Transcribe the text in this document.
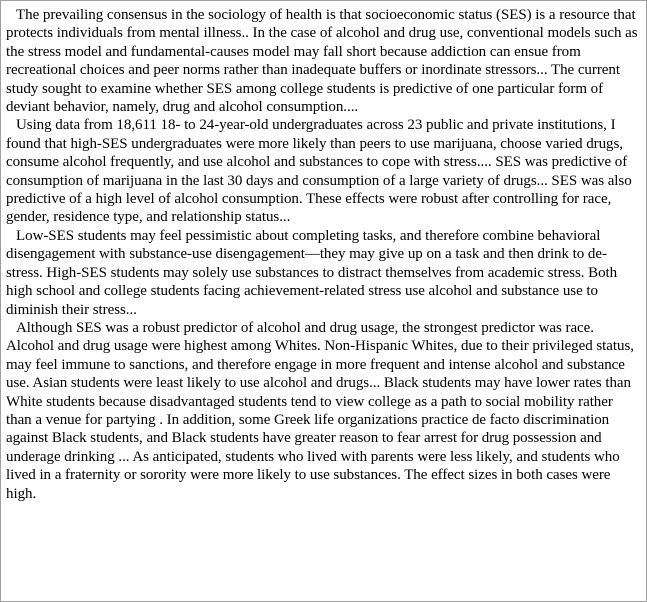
The prevailing consensus in the sociology of health is that socioeconomic status (SES) is a resource that protects individuals from mental illness.. In the case of alcohol and drug use, conventional models such as the stress model and fundamental-causes model may fall short because addiction can ensue from recreational choices and peer norms rather than inadequate buffers or inordinate stressors... The current study sought to examine whether SES among college students is predictive of one particular form of deviant behavior, namely, drug and alcohol consumption....

Using data from 18,611 18- to 24-year-old undergraduates across 23 public and private institutions, I found that high-SES undergraduates were more likely than peers to use marijuana, choose varied drugs, consume alcohol frequently, and use alcohol and substances to cope with stress.... SES was predictive of consumption of marijuana in the last 30 days and consumption of a large variety of drugs... SES was also predictive of a high level of alcohol consumption. These effects were robust after controlling for race, gender, residence type, and relationship status...

Low-SES students may feel pessimistic about completing tasks, and therefore combine behavioral disengagement with substance-use disengagement—they may give up on a task and then drink to de-stress. High-SES students may solely use substances to distract themselves from academic stress. Both high school and college students facing achievement-related stress use alcohol and substance use to diminish their stress...

Although SES was a robust predictor of alcohol and drug usage, the strongest predictor was race. Alcohol and drug usage were highest among Whites. Non-Hispanic Whites, due to their privileged status, may feel immune to sanctions, and therefore engage in more frequent and intense alcohol and substance use. Asian students were least likely to use alcohol and drugs... Black students may have lower rates than White students because disadvantaged students tend to view college as a path to social mobility rather than a venue for partying . In addition, some Greek life organizations practice de facto discrimination against Black students, and Black students have greater reason to fear arrest for drug possession and underage drinking ... As anticipated, students who lived with parents were less likely, and students who lived in a fraternity or sorority were more likely to use substances. The effect sizes in both cases were high.
